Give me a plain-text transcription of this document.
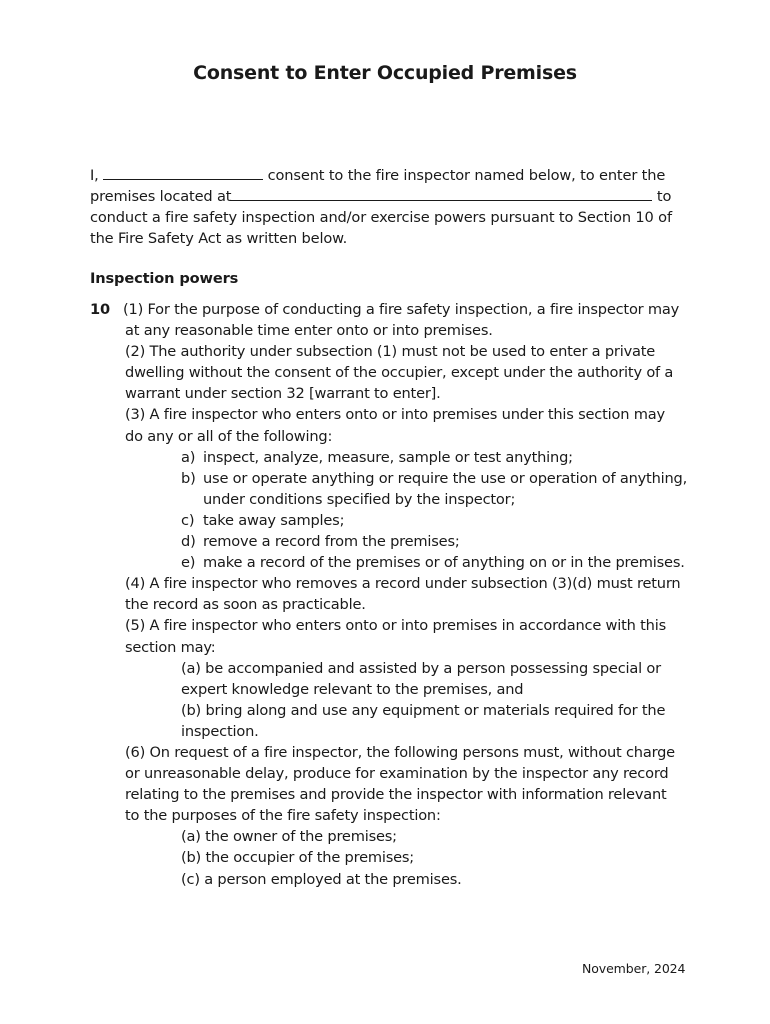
Consent to Enter Occupied Premises
I,	consent to the fire inspector named below, to enter the premises located at	to conduct a fire safety inspection and/or exercise powers pursuant to Section 10 of the Fire Safety Act as written below.
Inspection powers
10 (1) For the purpose of conducting a fire safety inspection, a fire inspector may at any reasonable time enter onto or into premises.
(2) The authority under subsection (1) must not be used to enter a private dwelling without the consent of the occupier, except under the authority of a warrant under section 32 [warrant to enter].
(3) A fire inspector who enters onto or into premises under this section may do any or all of the following:
a) inspect, analyze, measure, sample or test anything;
b) use or operate anything or require the use or operation of anything, under conditions specified by the inspector;
c) take away samples;
d) remove a record from the premises;
e) make a record of the premises or of anything on or in the premises.
(4) A fire inspector who removes a record under subsection (3)(d) must return the record as soon as practicable.
(5) A fire inspector who enters onto or into premises in accordance with this section may:
(a) be accompanied and assisted by a person possessing special or expert knowledge relevant to the premises, and
(b) bring along and use any equipment or materials required for the inspection.
(6) On request of a fire inspector, the following persons must, without charge or unreasonable delay, produce for examination by the inspector any record relating to the premises and provide the inspector with information relevant to the purposes of the fire safety inspection:
(a) the owner of the premises;
(b) the occupier of the premises;
(c) a person employed at the premises.
November, 2024
